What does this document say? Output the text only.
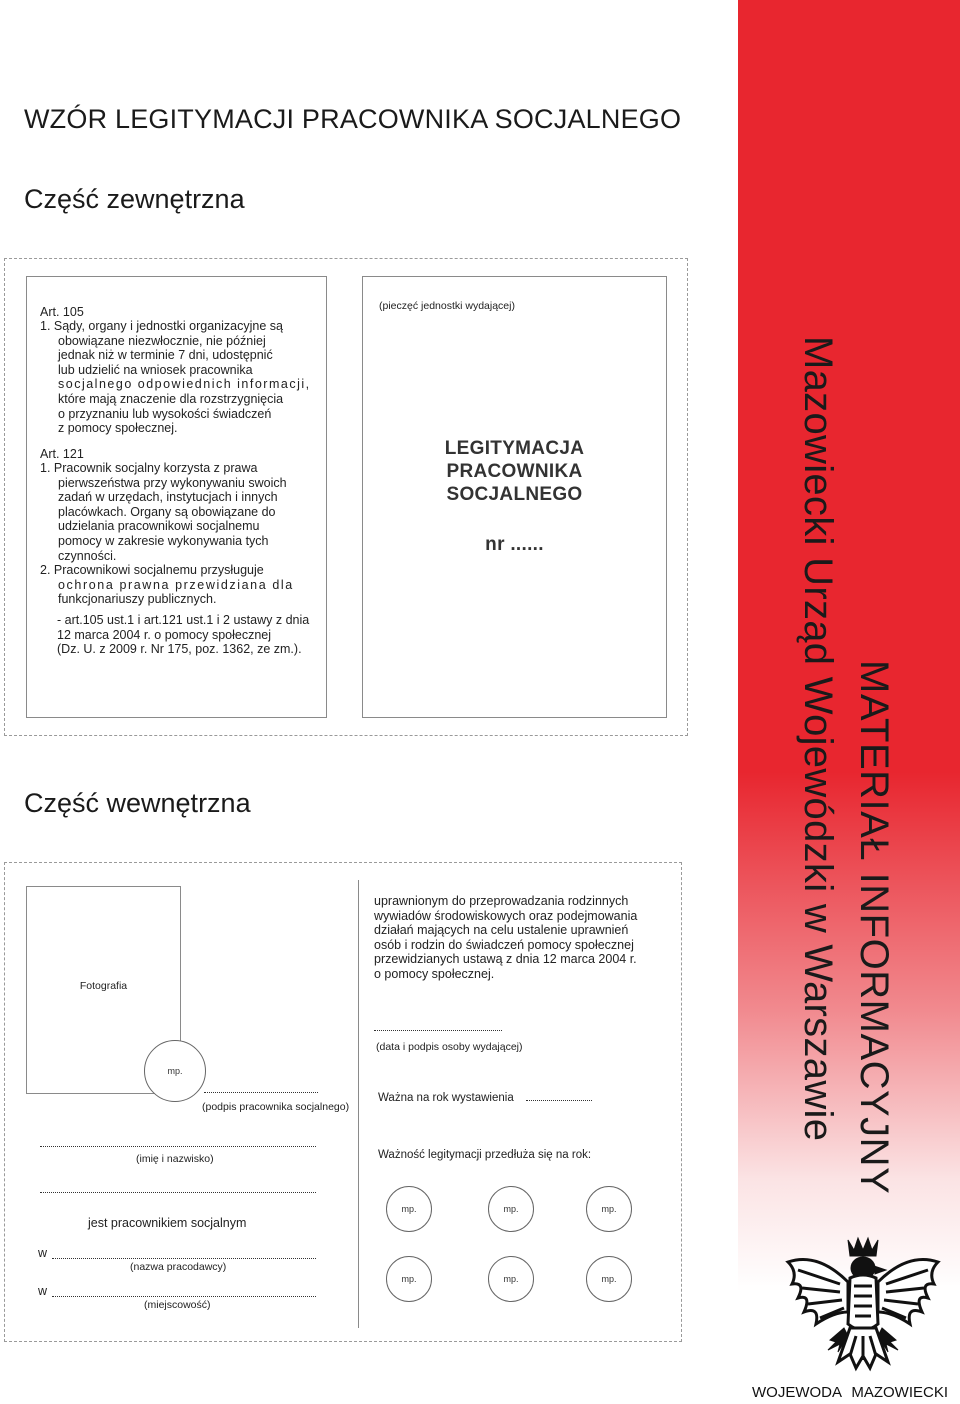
WZÓR LEGITYMACJI PRACOWNIKA SOCJALNEGO
Część zewnętrzna
Część wewnętrzna	MATERIAŁ INFORMACYJNY
Mazowiecki Urząd Wojewódzki w Warszawie
WOJEWODA MAZOWIECKI
Art. 105
1. Sądy, organy i jednostki organizacyjne są
obowiązane niezwłocznie, nie później
jednak niż w terminie 7 dni, udostępnić
lub udzielić na wniosek pracownika
socjalnego odpowiednich informacji,
które mają znaczenie dla rozstrzygnięcia
o przyznaniu lub wysokości świadczeń
z pomocy społecznej.
Art. 121
1. Pracownik socjalny korzysta z prawa
pierwszeństwa przy wykonywaniu swoich
zadań w urzędach, instytucjach i innych
placówkach. Organy są obowiązane do
udzielania pracownikowi socjalnemu
pomocy w zakresie wykonywania tych
czynności.
2. Pracownikowi socjalnemu przysługuje
ochrona prawna przewidziana dla
funkcjonariuszy publicznych.
- art.105 ust.1 i art.121 ust.1 i 2 ustawy z dnia
12 marca 2004 r. o pomocy społecznej
(Dz. U. z 2009 r. Nr 175, poz. 1362, ze zm.).
(pieczęć jednostki wydającej)
LEGITYMACJA
PRACOWNIKA
SOCJALNEGO
nr ......
Fotografia
mp.
(podpis pracownika socjalnego)
(imię i nazwisko)
jest pracownikiem socjalnym
w
(nazwa pracodawcy)
w
(miejscowość)
uprawnionym do przeprowadzania rodzinnych
wywiadów środowiskowych oraz podejmowania
działań mających na celu ustalenie uprawnień
osób i rodzin do świadczeń pomocy społecznej
przewidzianych ustawą z dnia 12 marca 2004 r.
o pomocy społecznej.
(data i podpis osoby wydającej)
Ważna na rok wystawienia
Ważność legitymacji przedłuża się na rok:
mp.	mp.	mp.
mp.	mp.	mp.
